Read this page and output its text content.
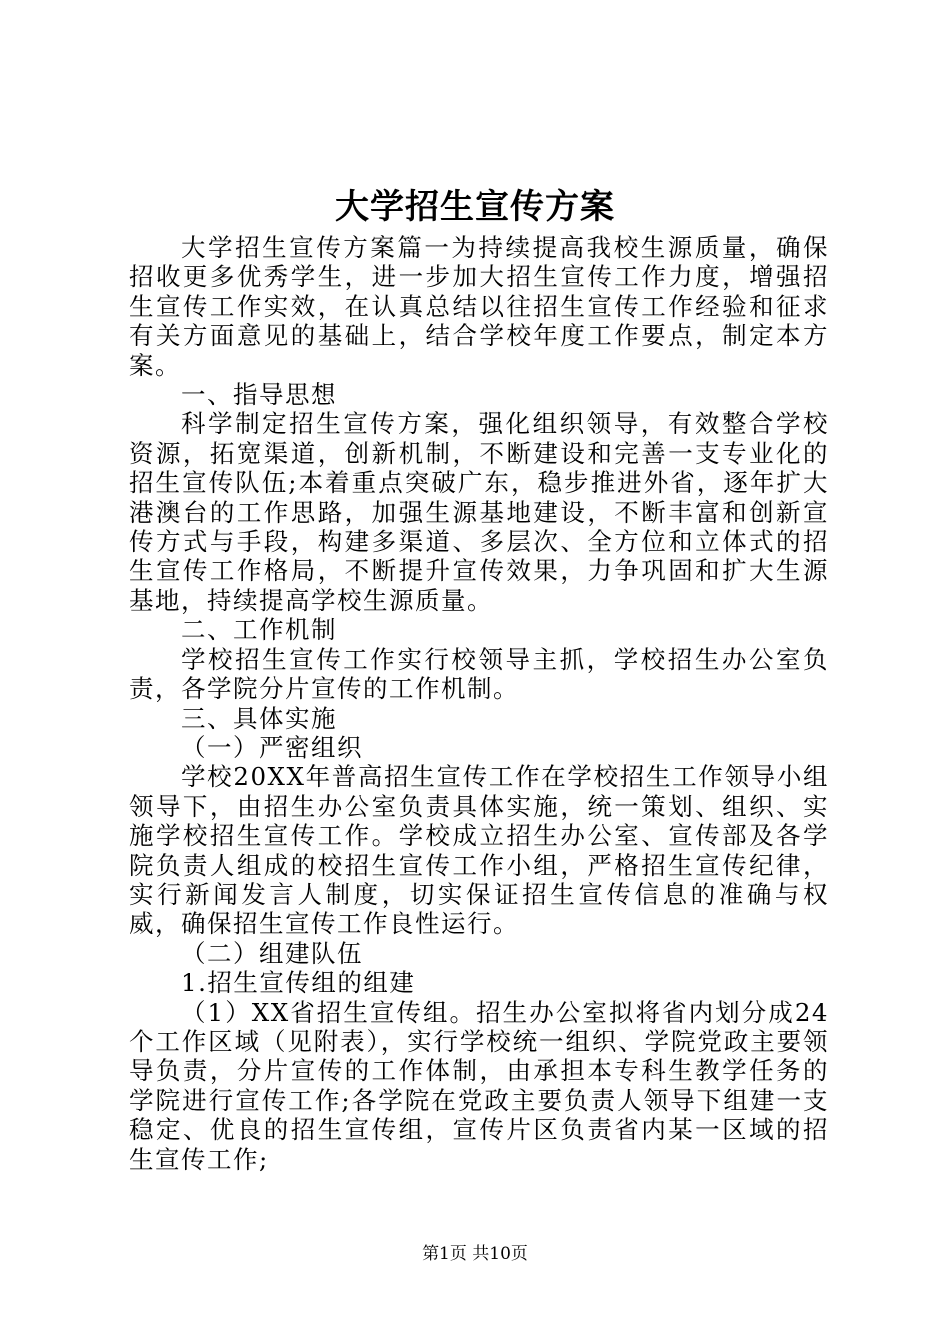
大学招生宣传方案

大学招生宣传方案篇一为持续提高我校生源质量，确保招收更多优秀学生，进一步加大招生宣传工作力度，增强招生宣传工作实效，在认真总结以往招生宣传工作经验和征求有关方面意见的基础上，结合学校年度工作要点，制定本方案。

一、指导思想

科学制定招生宣传方案，强化组织领导，有效整合学校资源，拓宽渠道，创新机制，不断建设和完善一支专业化的招生宣传队伍;本着重点突破广东，稳步推进外省，逐年扩大港澳台的工作思路，加强生源基地建设，不断丰富和创新宣传方式与手段，构建多渠道、多层次、全方位和立体式的招生宣传工作格局，不断提升宣传效果，力争巩固和扩大生源基地，持续提高学校生源质量。

二、工作机制

学校招生宣传工作实行校领导主抓，学校招生办公室负责，各学院分片宣传的工作机制。

三、具体实施

（一）严密组织

学校20XX年普高招生宣传工作在学校招生工作领导小组领导下，由招生办公室负责具体实施，统一策划、组织、实施学校招生宣传工作。学校成立招生办公室、宣传部及各学院负责人组成的校招生宣传工作小组，严格招生宣传纪律，实行新闻发言人制度，切实保证招生宣传信息的准确与权威，确保招生宣传工作良性运行。

（二）组建队伍

1.招生宣传组的组建

（1）XX省招生宣传组。招生办公室拟将省内划分成24个工作区域（见附表），实行学校统一组织、学院党政主要领导负责，分片宣传的工作体制，由承担本专科生教学任务的学院进行宣传工作;各学院在党政主要负责人领导下组建一支稳定、优良的招生宣传组，宣传片区负责省内某一区域的招生宣传工作;

第1页 共10页
